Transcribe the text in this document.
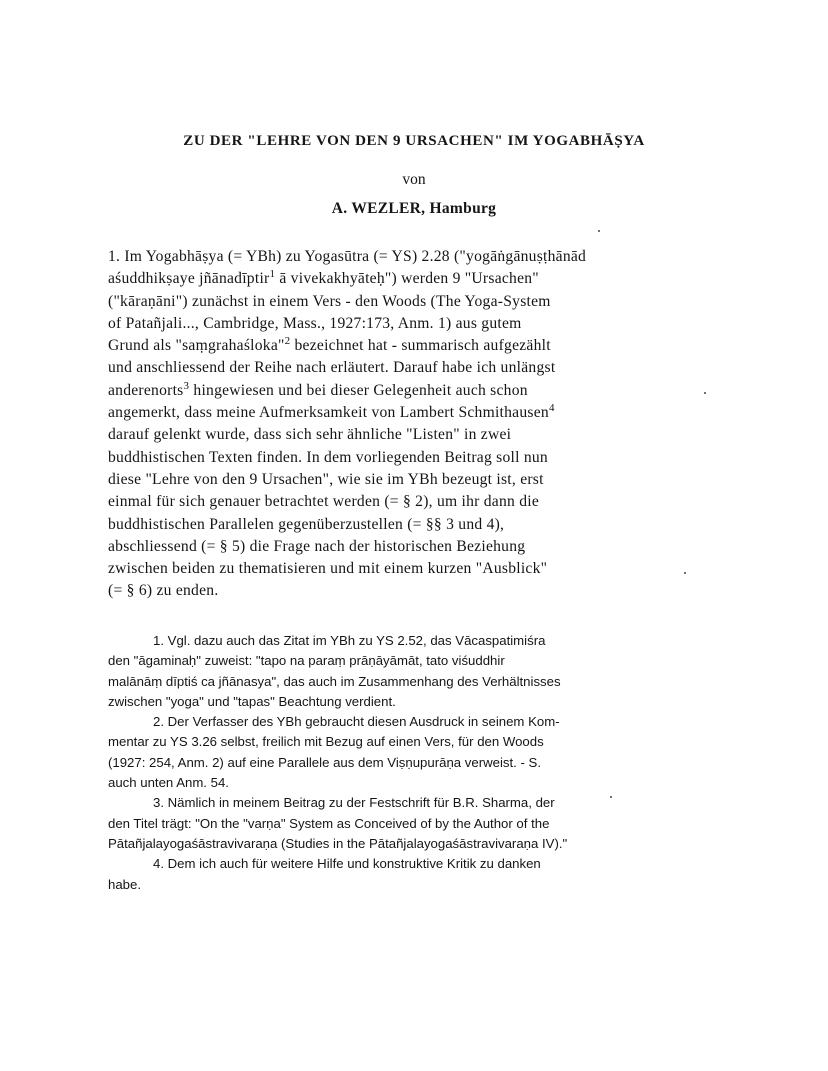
ZU DER "LEHRE VON DEN 9 URSACHEN" IM YOGABHĀṢYA
von
A. WEZLER, Hamburg
1. Im Yogabhāṣya (= YBh) zu Yogasūtra (= YS) 2.28 ("yogāṅgānuṣṭhānād
aśuddhikṣaye jñānadīptir$^1$ ā vivekakhyāteḥ") werden 9 "Ursachen"
("kāraṇāni") zunächst in einem Vers - den Woods (The Yoga-System
of Patañjali..., Cambridge, Mass., 1927:173, Anm. 1) aus gutem
Grund als "saṃgrahaśloka"$^2$ bezeichnet hat - summarisch aufgezählt
und anschliessend der Reihe nach erläutert. Darauf habe ich unlängst
anderenorts$^3$ hingewiesen und bei dieser Gelegenheit auch schon
angemerkt, dass meine Aufmerksamkeit von Lambert Schmithausen$^4$
darauf gelenkt wurde, dass sich sehr ähnliche "Listen" in zwei
buddhistischen Texten finden. In dem vorliegenden Beitrag soll nun
diese "Lehre von den 9 Ursachen", wie sie im YBh bezeugt ist, erst
einmal für sich genauer betrachtet werden (= § 2), um ihr dann die
buddhistischen Parallelen gegenüberzustellen (= §§ 3 und 4),
abschliessend (= § 5) die Frage nach der historischen Beziehung
zwischen beiden zu thematisieren und mit einem kurzen "Ausblick"
(= § 6) zu enden.
1. Vgl. dazu auch das Zitat im YBh zu YS 2.52, das Vācaspatimiśra
den "āgaminaḥ" zuweist: "tapo na paraṃ prāṇāyāmāt, tato viśuddhir
malānāṃ dīptiś ca jñānasya", das auch im Zusammenhang des Verhältnisses
zwischen "yoga" und "tapas" Beachtung verdient.
2. Der Verfasser des YBh gebraucht diesen Ausdruck in seinem Kom-
mentar zu YS 3.26 selbst, freilich mit Bezug auf einen Vers, für den Woods
(1927: 254, Anm. 2) auf eine Parallele aus dem Viṣṇupurāṇa verweist. - S.
auch unten Anm. 54.
3. Nämlich in meinem Beitrag zu der Festschrift für B.R. Sharma, der
den Titel trägt: "On the "varṇa" System as Conceived of by the Author of the
Pātañjalayogaśāstravivaraṇa (Studies in the Pātañjalayogaśāstravivaraṇa IV)."
4. Dem ich auch für weitere Hilfe und konstruktive Kritik zu danken
habe.
